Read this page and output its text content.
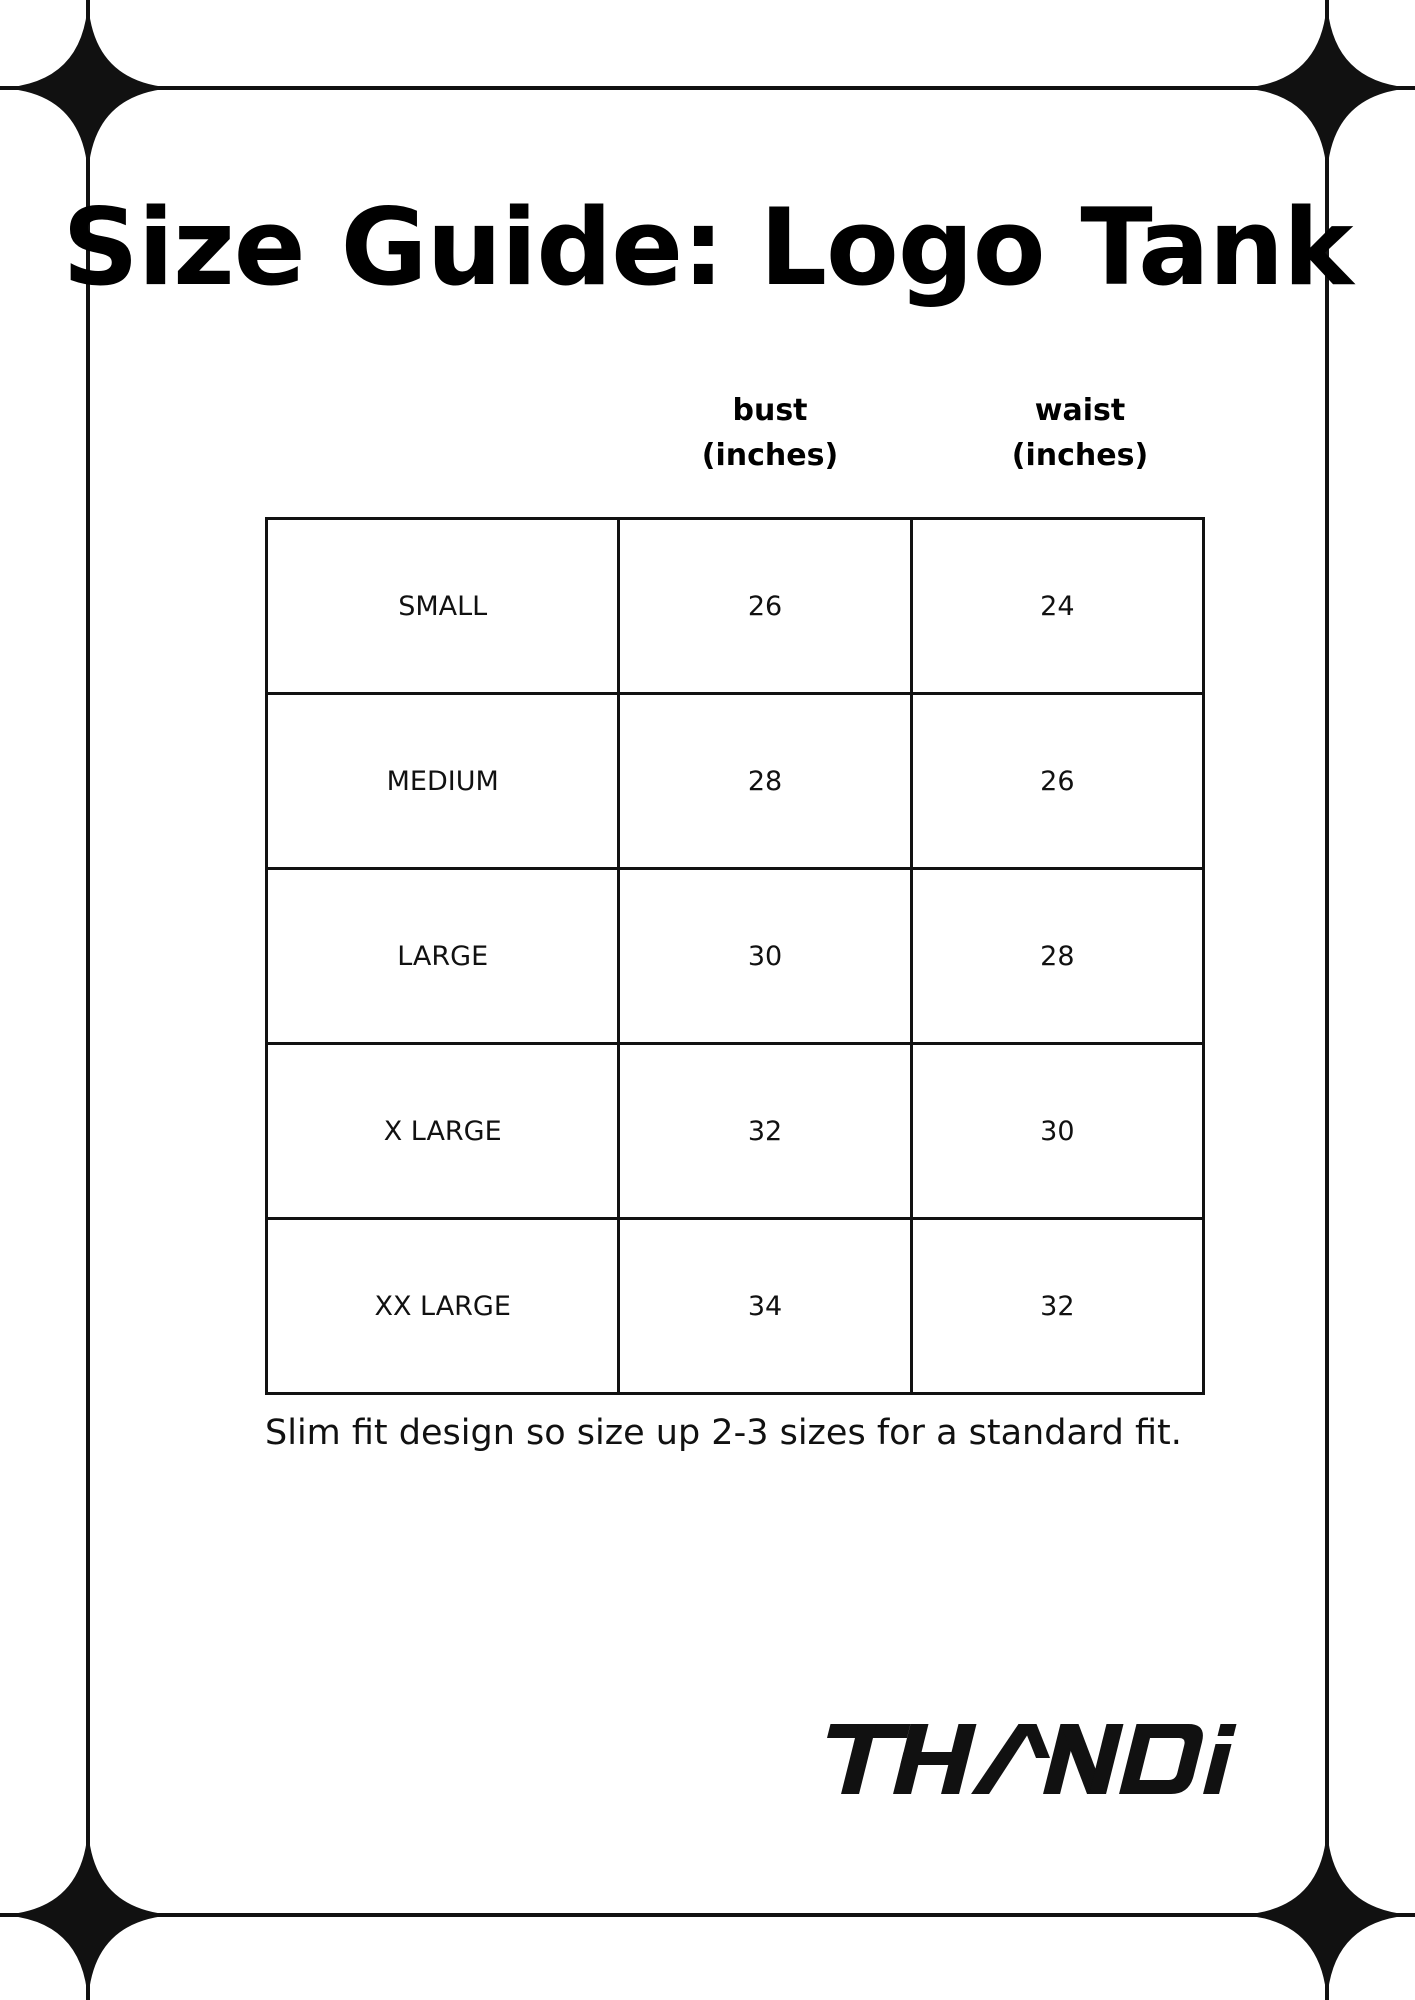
Size Guide: Logo Tank
bust
(inches)
waist
(inches)
SMALL	26	24
MEDIUM	28	26
LARGE	30	28
X LARGE	32	30
XX LARGE	34	32

Slim fit design so size up 2-3 sizes for a standard fit.
